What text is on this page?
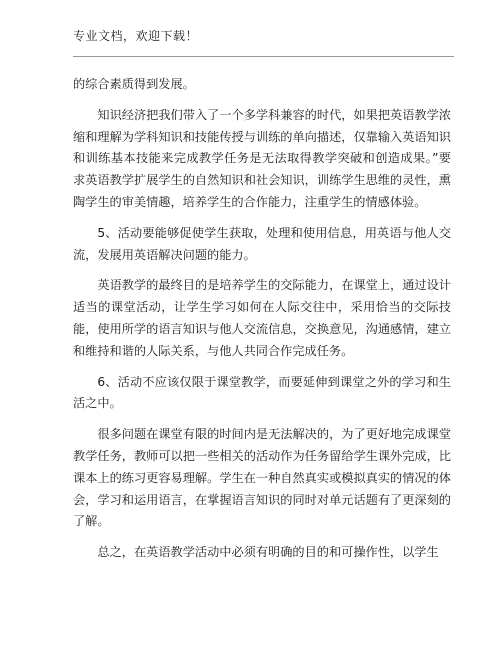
专业文档，欢迎下载！

的综合素质得到发展。

知识经济把我们带入了一个多学科兼容的时代，如果把英语教学浓缩和理解为学科知识和技能传授与训练的单向描述，仅靠输入英语知识和训练基本技能来完成教学任务是无法取得教学突破和创造成果。”要求英语教学扩展学生的自然知识和社会知识，训练学生思维的灵性，熏陶学生的审美情趣，培养学生的合作能力，注重学生的情感体验。

5、活动要能够促使学生获取，处理和使用信息，用英语与他人交流，发展用英语解决问题的能力。

英语教学的最终目的是培养学生的交际能力，在课堂上，通过设计适当的课堂活动，让学生学习如何在人际交往中，采用恰当的交际技能，使用所学的语言知识与他人交流信息，交换意见，沟通感情，建立和维持和谐的人际关系，与他人共同合作完成任务。

6、活动不应该仅限于课堂教学，而要延伸到课堂之外的学习和生活之中。

很多问题在课堂有限的时间内是无法解决的，为了更好地完成课堂教学任务，教师可以把一些相关的活动作为任务留给学生课外完成，比课本上的练习更容易理解。学生在一种自然真实或模拟真实的情况的体会，学习和运用语言，在掌握语言知识的同时对单元话题有了更深刻的了解。

总之，在英语教学活动中必须有明确的目的和可操作性，以学生
